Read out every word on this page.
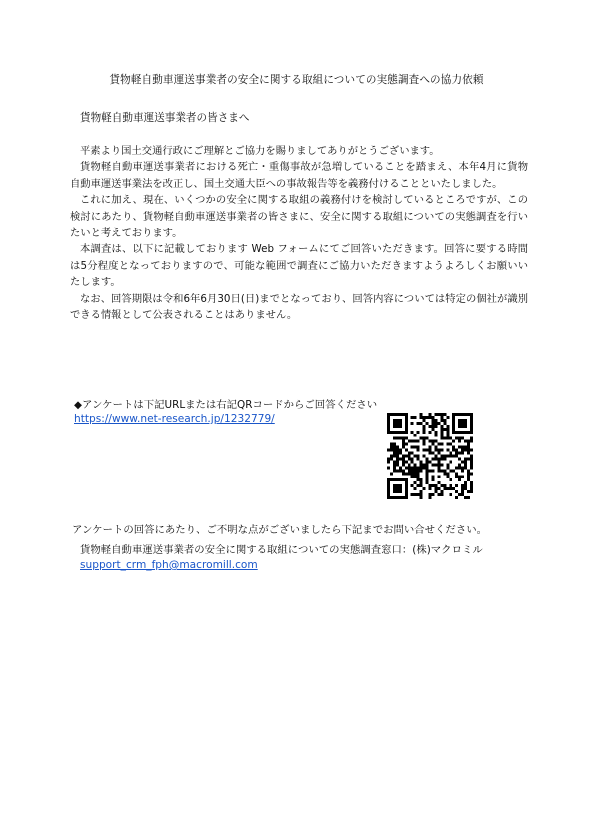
貨物軽自動車運送事業者の安全に関する取組についての実態調査への協力依頼
貨物軽自動車運送事業者の皆さまへ

平素より国土交通行政にご理解とご協力を賜りましてありがとうございます。

貨物軽自動車運送事業者における死亡・重傷事故が急増していることを踏まえ、本年4月に貨物自動車運送事業法を改正し、国土交通大臣への事故報告等を義務付けることといたしました。

これに加え、現在、いくつかの安全に関する取組の義務付けを検討しているところですが、この検討にあたり、貨物軽自動車運送事業者の皆さまに、安全に関する取組についての実態調査を行いたいと考えております。

本調査は、以下に記載しております Web フォームにてご回答いただきます。回答に要する時間は5分程度となっておりますので、可能な範囲で調査にご協力いただきますようよろしくお願いいたします。

なお、回答期限は令和6年6月30日(日)までとなっており、回答内容については特定の個社が識別できる情報として公表されることはありません。

◆アンケートは下記URLまたは右記QRコードからご回答ください
https://www.net-research.jp/1232779/
アンケートの回答にあたり、ご不明な点がございましたら下記までお問い合せください。
貨物軽自動車運送事業者の安全に関する取組についての実態調査窓口：(株)マクロミル
support_crm_fph@macromill.com
